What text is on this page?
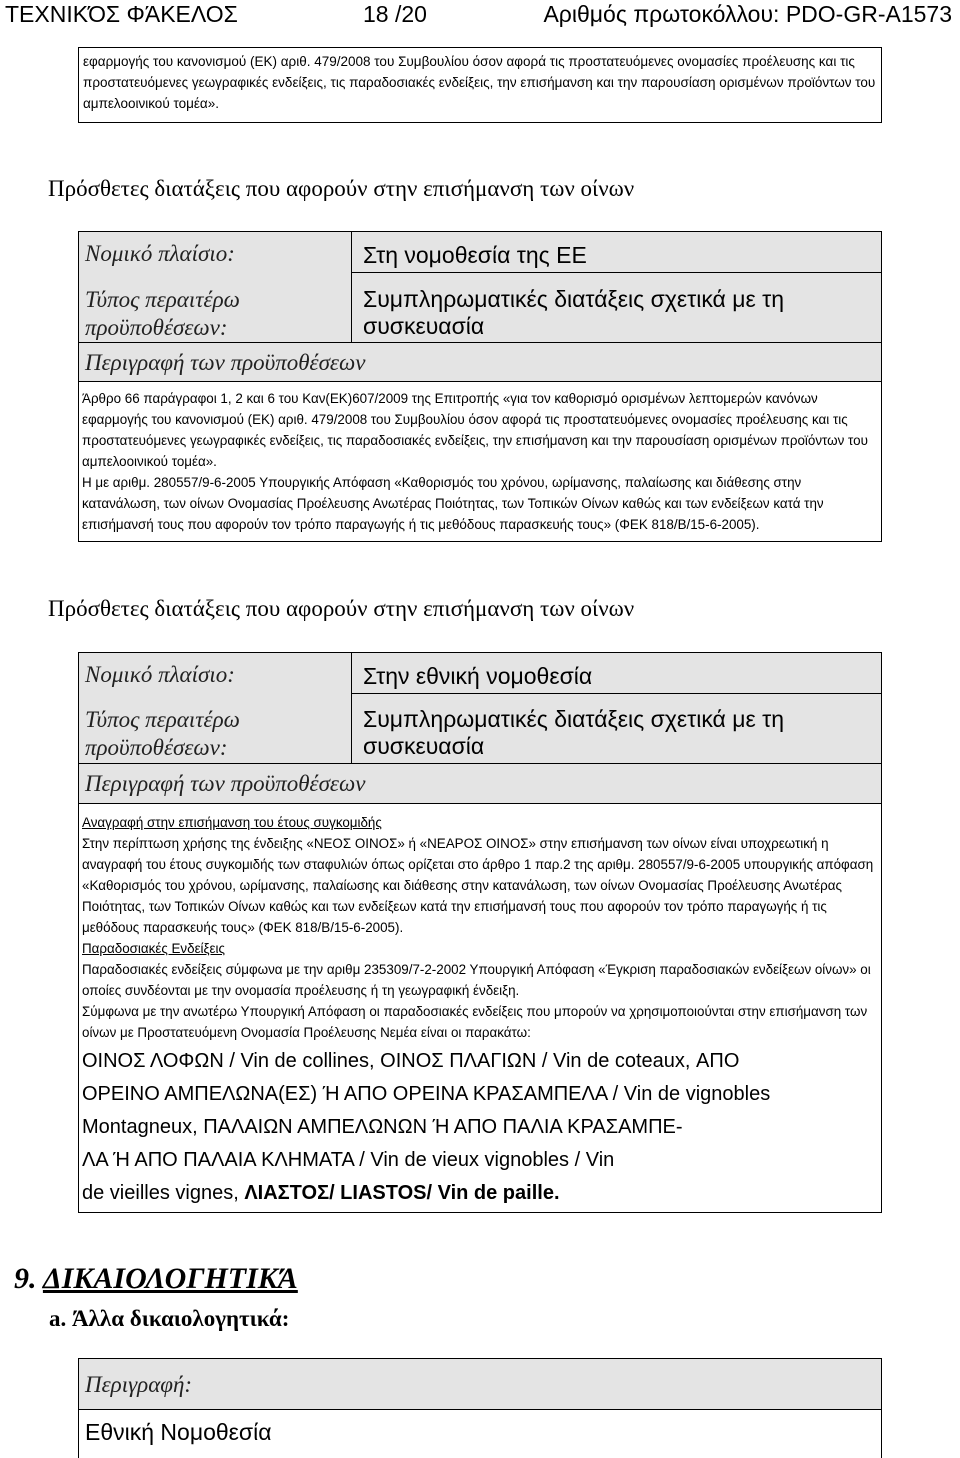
ΤΕΧΝΙΚΌΣ ΦΆΚΕΛΟΣ	18 /20	Αριθμός πρωτοκόλλου: PDO-GR-A1573

εφαρμογής του κανονισμού (ΕΚ) αριθ. 479/2008 του Συμβουλίου όσον αφορά τις προστατευόμενες ονομασίες προέλευσης και τις προστατευόμενες γεωγραφικές ενδείξεις, τις παραδοσιακές ενδείξεις, την επισήμανση και την παρουσίαση ορισμένων προϊόντων του αμπελοοινικού τομέα».

Πρόσθετες διατάξεις που αφορούν στην επισήμανση των οίνων
Νομικό πλαίσιο:
Τύπος περαιτέρω προϋποθέσεων:
Περιγραφή των προϋποθέσεων
Στη νομοθεσία της ΕΕ
Συμπληρωματικές διατάξεις σχετικά με τη συσκευασία

Άρθρο 66 παράγραφοι 1, 2 και 6 του Καν(ΕΚ)607/2009 της Επιτροπής «για τον καθορισμό ορισμένων λεπτομερών κανόνων εφαρμογής του κανονισμού (ΕΚ) αριθ. 479/2008 του Συμβουλίου όσον αφορά τις προστατευόμενες ονομασίες προέλευσης και τις προστατευόμενες γεωγραφικές ενδείξεις, τις παραδοσιακές ενδείξεις, την επισήμανση και την παρουσίαση ορισμένων προϊόντων του αμπελοοινικού τομέα».

Η με αριθμ. 280557/9-6-2005 Υπουργικής Απόφαση «Καθορισμός του χρόνου, ωρίμανσης, παλαίωσης και διάθεσης στην κατανάλωση, των οίνων Ονομασίας Προέλευσης Ανωτέρας Ποιότητας, των Τοπικών Οίνων καθώς και των ενδείξεων κατά την επισήμανσή τους που αφορούν τον τρόπο παραγωγής ή τις μεθόδους παρασκευής τους» (ΦΕΚ 818/Β/15-6-2005).

Πρόσθετες διατάξεις που αφορούν στην επισήμανση των οίνων
Νομικό πλαίσιο:
Τύπος περαιτέρω προϋποθέσεων:
Περιγραφή των προϋποθέσεων
Στην εθνική νομοθεσία
Συμπληρωματικές διατάξεις σχετικά με τη συσκευασία

Αναγραφή στην επισήμανση του έτους συγκομιδής

Στην περίπτωση χρήσης της ένδειξης «ΝΕΟΣ ΟΙΝΟΣ» ή «ΝΕΑΡΟΣ ΟΙΝΟΣ» στην επισήμανση των οίνων είναι υποχρεωτική η αναγραφή του έτους συγκομιδής των σταφυλιών όπως ορίζεται στο άρθρο 1 παρ.2 της αριθμ. 280557/9-6-2005 υπουργικής απόφαση «Καθορισμός του χρόνου, ωρίμανσης, παλαίωσης και διάθεσης στην κατανάλωση, των οίνων Ονομασίας Προέλευσης Ανωτέρας Ποιότητας, των Τοπικών Οίνων καθώς και των ενδείξεων κατά την επισήμανσή τους που αφορούν τον τρόπο παραγωγής ή τις μεθόδους παρασκευής τους» (ΦΕΚ 818/Β/15-6-2005).

Παραδοσιακές Ενδείξεις

Παραδοσιακές ενδείξεις σύμφωνα με την αριθμ 235309/7-2-2002 Υπουργική Απόφαση «Έγκριση παραδοσιακών ενδείξεων οίνων» οι οποίες συνδέονται με την ονομασία προέλευσης ή τη γεωγραφική ένδειξη.

Σύμφωνα με την ανωτέρω Υπουργική Απόφαση οι παραδοσιακές ενδείξεις που μπορούν να χρησιμοποιούνται στην επισήμανση των οίνων με Προστατευόμενη Ονομασία Προέλευσης Νεμέα είναι οι παρακάτω:

ΟΙΝΟΣ ΛΟΦΩΝ / Vin de collines, ΟΙΝΟΣ ΠΛΑΓΙΩΝ / Vin de coteaux, ΑΠΟ
ΟΡΕΙΝΟ ΑΜΠΕΛΩΝΑ(ΕΣ) Ή ΑΠΟ ΟΡΕΙΝΑ ΚΡΑΣΑΜΠΕΛΑ / Vin de vignobles
Montagneux, ΠΑΛΑΙΩΝ ΑΜΠΕΛΩΝΩΝ Ή ΑΠΟ ΠΑΛΙΑ ΚΡΑΣΑΜΠΕ-
ΛΑ Ή ΑΠΟ ΠΑΛΑΙΑ ΚΛΗΜΑΤΑ / Vin de vieux vignobles / Vin
de vieilles vignes, ΛΙΑΣΤΟΣ/ LIASTOS/ Vin de paille.
9. ΔΙΚΑΙΟΛΟΓΗΤΙΚΆ
a. Άλλα δικαιολογητικά:
Περιγραφή:
Εθνική Νομοθεσία
